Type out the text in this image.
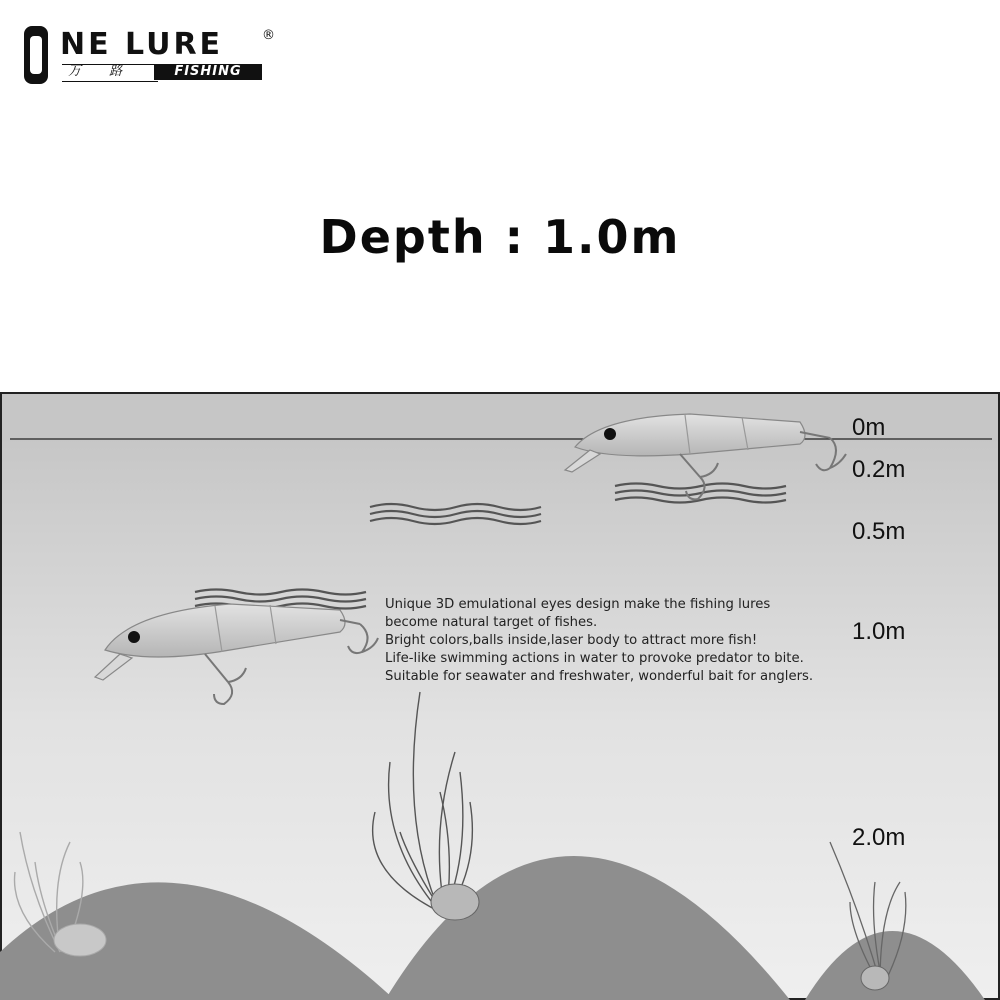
NE LURE	®
万 路	FISHING
Depth : 1.0m
0m
0.2m
0.5m
1.0m
2.0m
Unique 3D emulational eyes design make the fishing lures
become natural target of fishes.
Bright colors,balls inside,laser body to attract more fish!
Life-like swimming actions in water to provoke predator to bite.
Suitable for seawater and freshwater, wonderful bait for anglers.
